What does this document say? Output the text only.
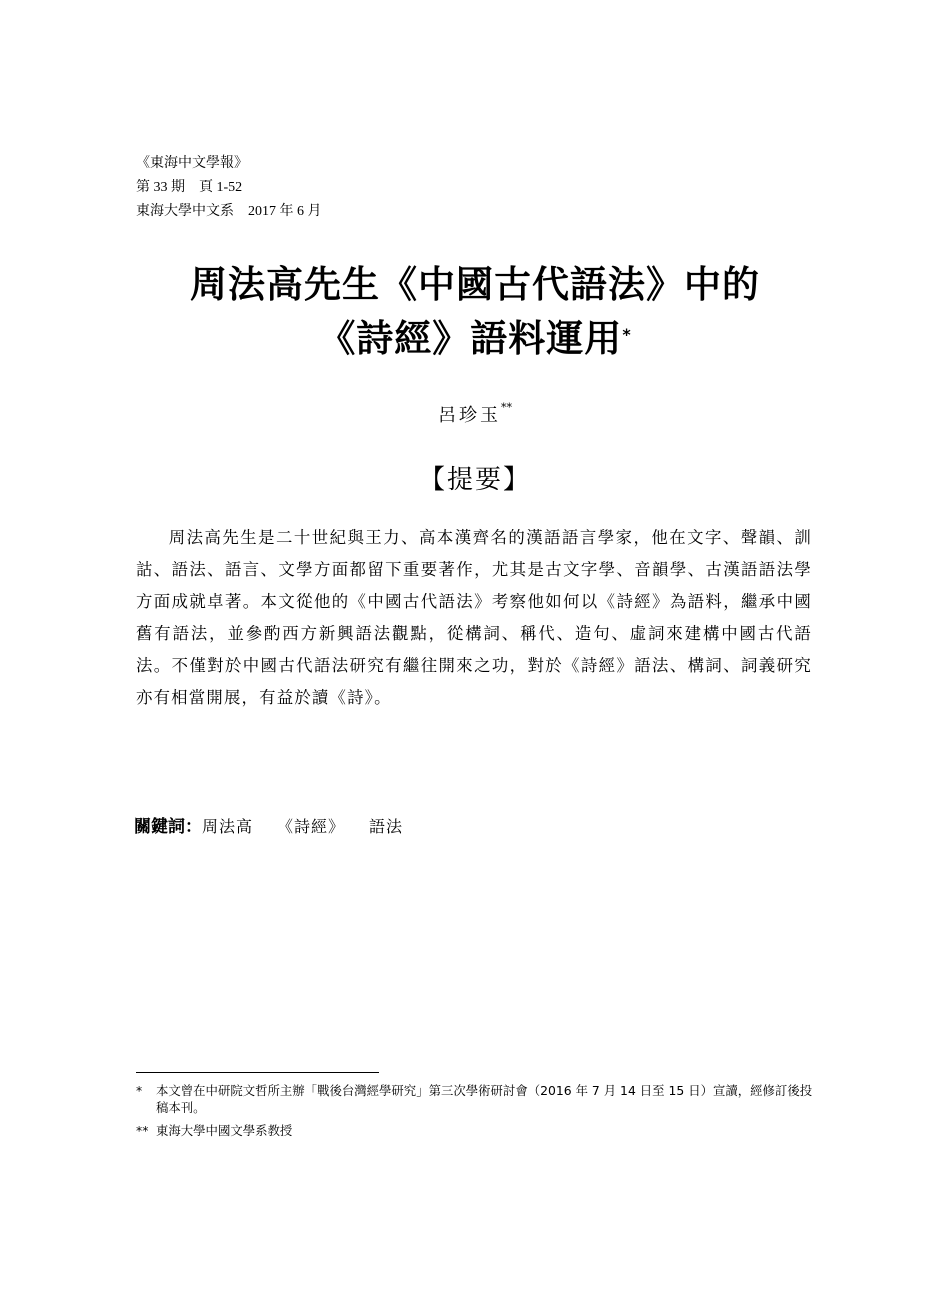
《東海中文學報》
第 33 期　頁 1-52
東海大學中文系　2017 年 6 月
周法高先生《中國古代語法》中的
《詩經》語料運用*
呂珍玉**
【提要】
周法高先生是二十世紀與王力、高本漢齊名的漢語語言學家，他在文字、聲韻、訓詁、語法、語言、文學方面都留下重要著作，尤其是古文字學、音韻學、古漢語語法學方面成就卓著。本文從他的《中國古代語法》考察他如何以《詩經》為語料，繼承中國舊有語法，並參酌西方新興語法觀點，從構詞、稱代、造句、虛詞來建構中國古代語法。不僅對於中國古代語法研究有繼往開來之功，對於《詩經》語法、構詞、詞義研究亦有相當開展，有益於讀《詩》。
關鍵詞： 周法高 《詩經》 語法
*	本文曾在中研院文哲所主辦「戰後台灣經學研究」第三次學術研討會（2016 年 7 月 14 日至 15 日）宣讀，經修訂後投稿本刊。
** 東海大學中國文學系教授
